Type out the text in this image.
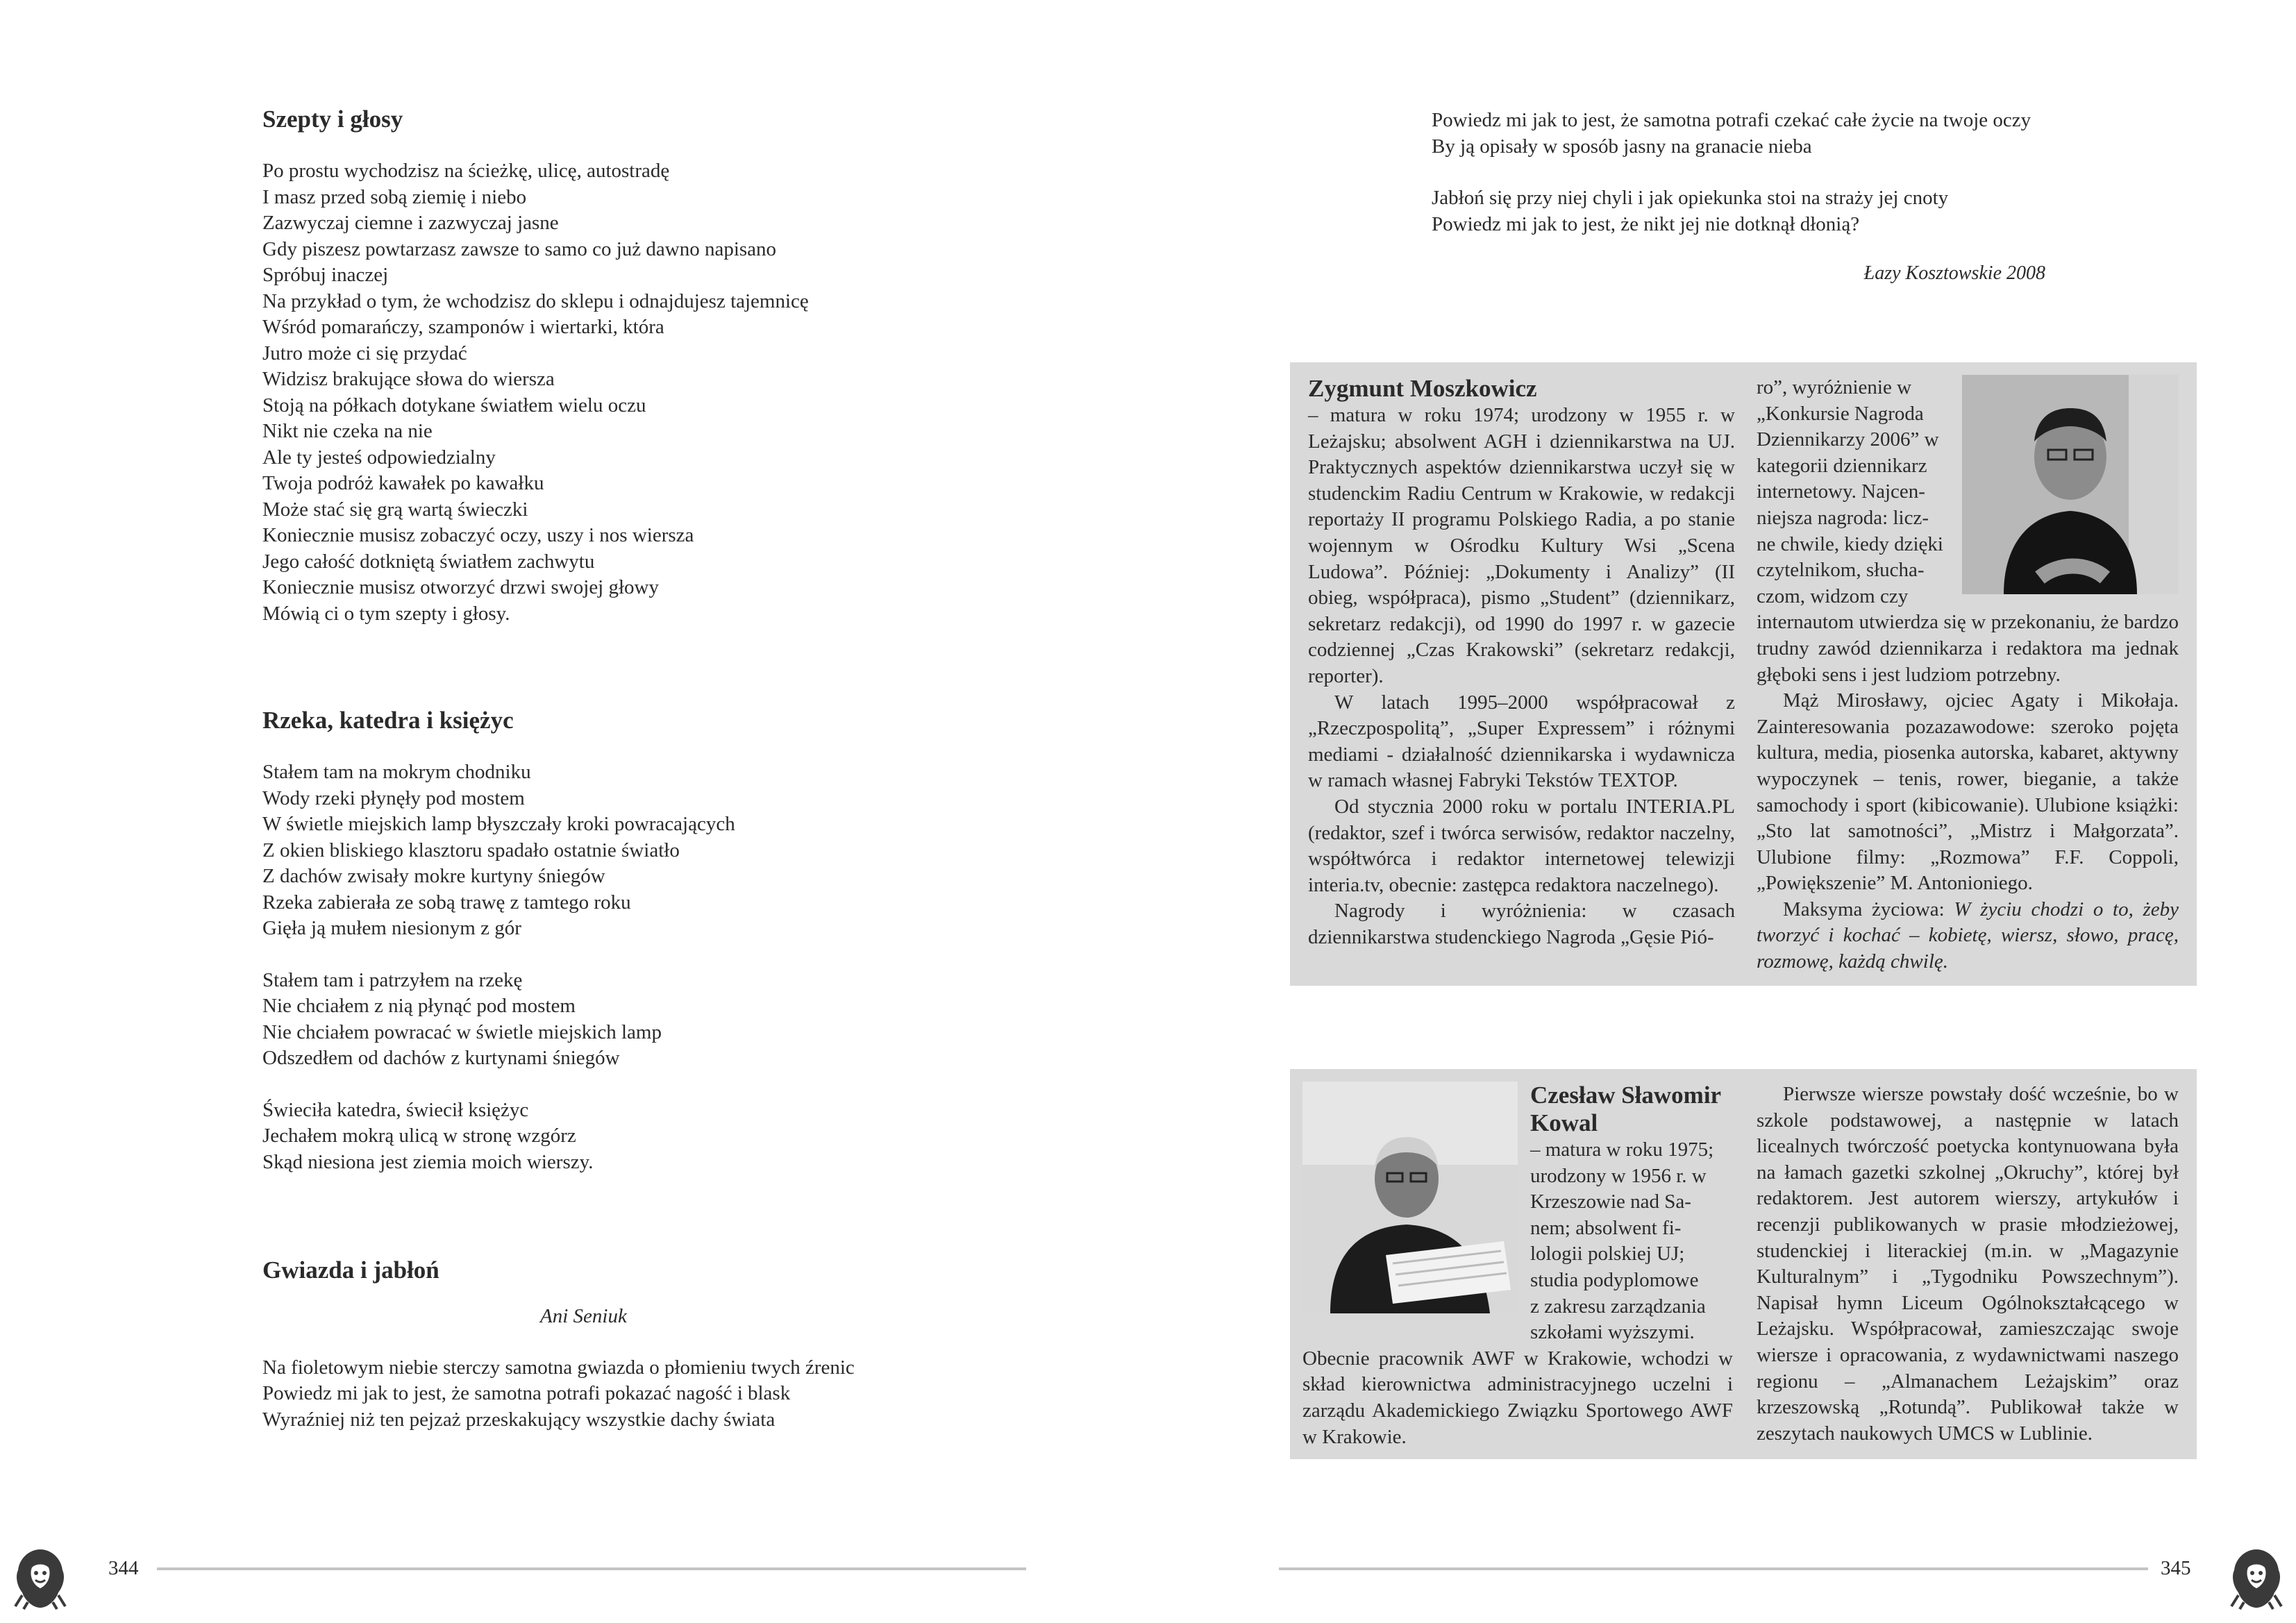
Szepty i głosy
Po prostu wychodzisz na ścieżkę, ulicę, autostradę
I masz przed sobą ziemię i niebo
Zazwyczaj ciemne i zazwyczaj jasne
Gdy piszesz powtarzasz zawsze to samo co już dawno napisano
Spróbuj inaczej
Na przykład o tym, że wchodzisz do sklepu i odnajdujesz tajemnicę
Wśród pomarańczy, szamponów i wiertarki, która
Jutro może ci się przydać
Widzisz brakujące słowa do wiersza
Stoją na półkach dotykane światłem wielu oczu
Nikt nie czeka na nie
Ale ty jesteś odpowiedzialny
Twoja podróż kawałek po kawałku
Może stać się grą wartą świeczki
Koniecznie musisz zobaczyć oczy, uszy i nos wiersza
Jego całość dotkniętą światłem zachwytu
Koniecznie musisz otworzyć drzwi swojej głowy
Mówią ci o tym szepty i głosy.
Rzeka, katedra i księżyc
Stałem tam na mokrym chodniku
Wody rzeki płynęły pod mostem
W świetle miejskich lamp błyszczały kroki powracających
Z okien bliskiego klasztoru spadało ostatnie światło
Z dachów zwisały mokre kurtyny śniegów
Rzeka zabierała ze sobą trawę z tamtego roku
Gięła ją mułem niesionym z gór
Stałem tam i patrzyłem na rzekę
Nie chciałem z nią płynąć pod mostem
Nie chciałem powracać w świetle miejskich lamp
Odszedłem od dachów z kurtynami śniegów
Świeciła katedra, świecił księżyc
Jechałem mokrą ulicą w stronę wzgórz
Skąd niesiona jest ziemia moich wierszy.
Gwiazda i jabłoń
Ani Seniuk
Na fioletowym niebie sterczy samotna gwiazda o płomieniu twych źrenic
Powiedz mi jak to jest, że samotna potrafi pokazać nagość i blask
Wyraźniej niż ten pejzaż przeskakujący wszystkie dachy świata
344
Powiedz mi jak to jest, że samotna potrafi czekać całe życie na twoje oczy
By ją opisały w sposób jasny na granacie nieba
Jabłoń się przy niej chyli i jak opiekunka stoi na straży jej cnoty
Powiedz mi jak to jest, że nikt jej nie dotknął dłonią?
Łazy Kosztowskie 2008
Zygmunt Moszkowicz

– matura w roku 1974; urodzony w 1955 r. w Leżajsku; absolwent AGH i dziennikarstwa na UJ. Praktycznych aspektów dziennikarstwa uczył się w studenckim Radiu Centrum w Krakowie, w redakcji reportaży II programu Polskiego Radia, a po stanie wojennym w Ośrodku Kultury Wsi „Scena Ludowa”. Później: „Dokumenty i Analizy” (II obieg, współpraca), pismo „Student” (dziennikarz, sekretarz redakcji), od 1990 do 1997 r. w gazecie codziennej „Czas Krakowski” (sekretarz redakcji, reporter).

W latach 1995–2000 współpracował z „Rzeczpospolitą”, „Super Expressem” i różnymi mediami - działalność dziennikarska i wydawnicza w ramach własnej Fabryki Tekstów TEXTOP.

Od stycznia 2000 roku w portalu INTERIA.PL (redaktor, szef i twórca serwisów, redaktor naczelny, współtwórca i redaktor internetowej telewizji interia.tv, obecnie: zastępca redaktora naczelnego).

Nagrody i wyróżnienia: w czasach dziennikarstwa studenckiego Nagroda „Gęsie Pió-

ro”, wyróżnienie w
„Konkursie Nagroda
Dziennikarzy 2006” w
kategorii dziennikarz
internetowy. Najcen-
niejsza nagroda: licz-
ne chwile, kiedy dzięki
czytelnikom, słucha-
czom, widzom czy

internautom utwierdza się w przekonaniu, że bardzo trudny zawód dziennikarza i redaktora ma jednak głęboki sens i jest ludziom potrzebny.

Mąż Mirosławy, ojciec Agaty i Mikołaja. Zainteresowania pozazawodowe: szeroko pojęta kultura, media, piosenka autorska, kabaret, aktywny wypoczynek – tenis, rower, bieganie, a także samochody i sport (kibicowanie). Ulubione książki: „Sto lat samotności”, „Mistrz i Małgorzata”. Ulubione filmy: „Rozmowa” F.F. Coppoli, „Powiększenie” M. Antonioniego.

Maksyma życiowa: W życiu chodzi o to, żeby tworzyć i kochać – kobietę, wiersz, słowo, pracę, rozmowę, każdą chwilę.

Czesław Sławomir Kowal
– matura w roku 1975;
urodzony w 1956 r. w
Krzeszowie nad Sa-
nem; absolwent fi-
lologii polskiej UJ;
studia podyplomowe
z zakresu zarządzania
szkołami wyższymi.

Obecnie pracownik AWF w Krakowie, wchodzi w skład kierownictwa administracyjnego uczelni i zarządu Akademickiego Związku Sportowego AWF w Krakowie.

Pierwsze wiersze powstały dość wcześnie, bo w szkole podstawowej, a następnie w latach licealnych twórczość poetycka kontynuowana była na łamach gazetki szkolnej „Okruchy”, której był redaktorem. Jest autorem wierszy, artykułów i recenzji publikowanych w prasie młodzieżowej, studenckiej i literackiej (m.in. w „Magazynie Kulturalnym” i „Tygodniku Powszechnym”). Napisał hymn Liceum Ogólnokształcącego w Leżajsku. Współpracował, zamieszczając swoje wiersze i opracowania, z wydawnictwami naszego regionu – „Almanachem Leżajskim” oraz krzeszowską „Rotundą”. Publikował także w zeszytach naukowych UMCS w Lublinie.

345
